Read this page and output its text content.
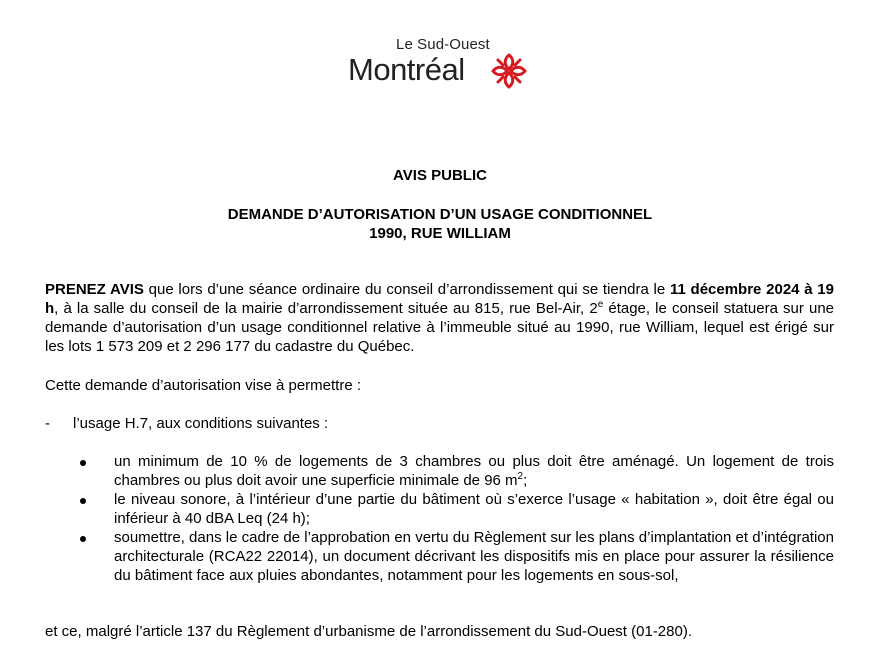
Le Sud-Ouest
Montréal
AVIS PUBLIC
DEMANDE D’AUTORISATION D’UN USAGE CONDITIONNEL
1990, RUE WILLIAM
PRENEZ AVIS que lors d’une séance ordinaire du conseil d’arrondissement qui se tiendra le 11 décembre 2024 à 19 h, à la salle du conseil de la mairie d’arrondissement située au 815, rue Bel-Air, 2e étage, le conseil statuera sur une demande d’autorisation d’un usage conditionnel relative à l’immeuble situé au 1990, rue William, lequel est érigé sur les lots 1 573 209 et 2 296 177 du cadastre du Québec.
Cette demande d’autorisation vise à permettre :
- l’usage H.7, aux conditions suivantes :
un minimum de 10 % de logements de 3 chambres ou plus doit être aménagé. Un logement de trois chambres ou plus doit avoir une superficie minimale de 96 $m^2$;
le niveau sonore, à l’intérieur d’une partie du bâtiment où s’exerce l’usage « habitation », doit être égal ou inférieur à 40 dBA Leq (24 h);
soumettre, dans le cadre de l’approbation en vertu du Règlement sur les plans d’implantation et d’intégration architecturale (RCA22 22014), un document décrivant les dispositifs mis en place pour assurer la résilience du bâtiment face aux pluies abondantes, notamment pour les logements en sous-sol,
et ce, malgré l’article 137 du Règlement d’urbanisme de l’arrondissement du Sud-Ouest (01-280).
